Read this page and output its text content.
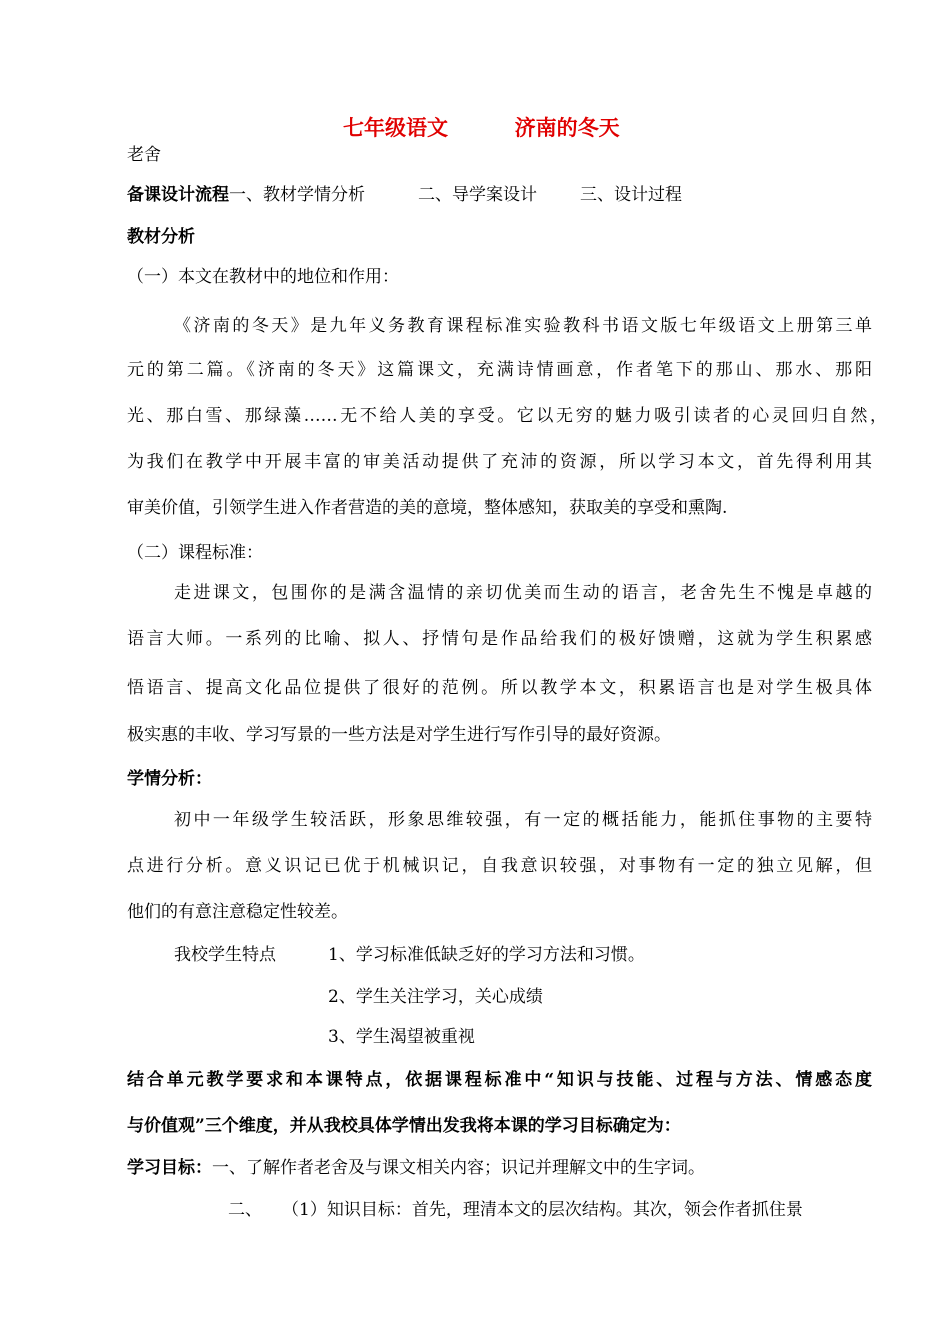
七年级语文	济南的冬天
老舍
备课设计流程一、教材学情分析	二、导学案设计	三、设计过程
教材分析
（一）本文在教材中的地位和作用：
《济南的冬天》是九年义务教育课程标准实验教科书语文版七年级语文上册第三单
元的第二篇。《济南的冬天》这篇课文，充满诗情画意，作者笔下的那山、那水、那阳
光、那白雪、那绿藻……无不给人美的享受。它以无穷的魅力吸引读者的心灵回归自然，
为我们在教学中开展丰富的审美活动提供了充沛的资源，所以学习本文，首先得利用其
审美价值，引领学生进入作者营造的美的意境，整体感知，获取美的享受和熏陶.
（二）课程标准：
走进课文，包围你的是满含温情的亲切优美而生动的语言，老舍先生不愧是卓越的
语言大师。一系列的比喻、拟人、抒情句是作品给我们的极好馈赠，这就为学生积累感
悟语言、提高文化品位提供了很好的范例。所以教学本文，积累语言也是对学生极具体
极实惠的丰收、学习写景的一些方法是对学生进行写作引导的最好资源。
学情分析：
初中一年级学生较活跃，形象思维较强，有一定的概括能力，能抓住事物的主要特
点进行分析。意义识记已优于机械识记，自我意识较强，对事物有一定的独立见解，但
他们的有意注意稳定性较差。
我校学生特点	1、学习标准低缺乏好的学习方法和习惯。
2、学生关注学习，关心成绩
3、学生渴望被重视
结合单元教学要求和本课特点，依据课程标准中“知识与技能、过程与方法、情感态度
与价值观”三个维度，并从我校具体学情出发我将本课的学习目标确定为：
学习目标：一、了解作者老舍及与课文相关内容；识记并理解文中的生字词。
二、 （1）知识目标：首先，理清本文的层次结构。其次，领会作者抓住景
